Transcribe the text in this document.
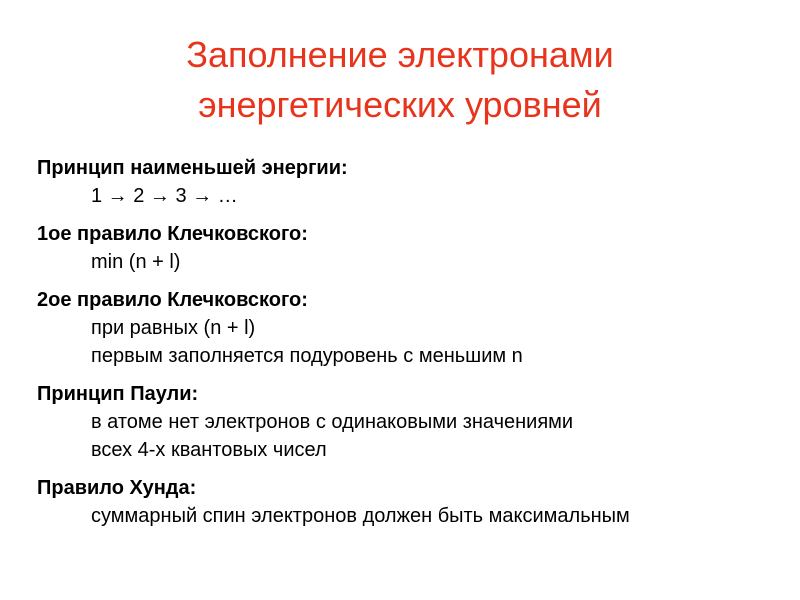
Заполнение электронами
энергетических уровней
Принцип наименьшей энергии:
1 → 2 → 3 → …
1ое правило Клечковского:
min (n + l)
2ое правило Клечковского:
при равных (n + l)
первым заполняется подуровень с меньшим n
Принцип Паули:
в атоме нет электронов с одинаковыми значениями
всех 4-х квантовых чисел
Правило Хунда:
суммарный спин электронов должен быть максимальным
